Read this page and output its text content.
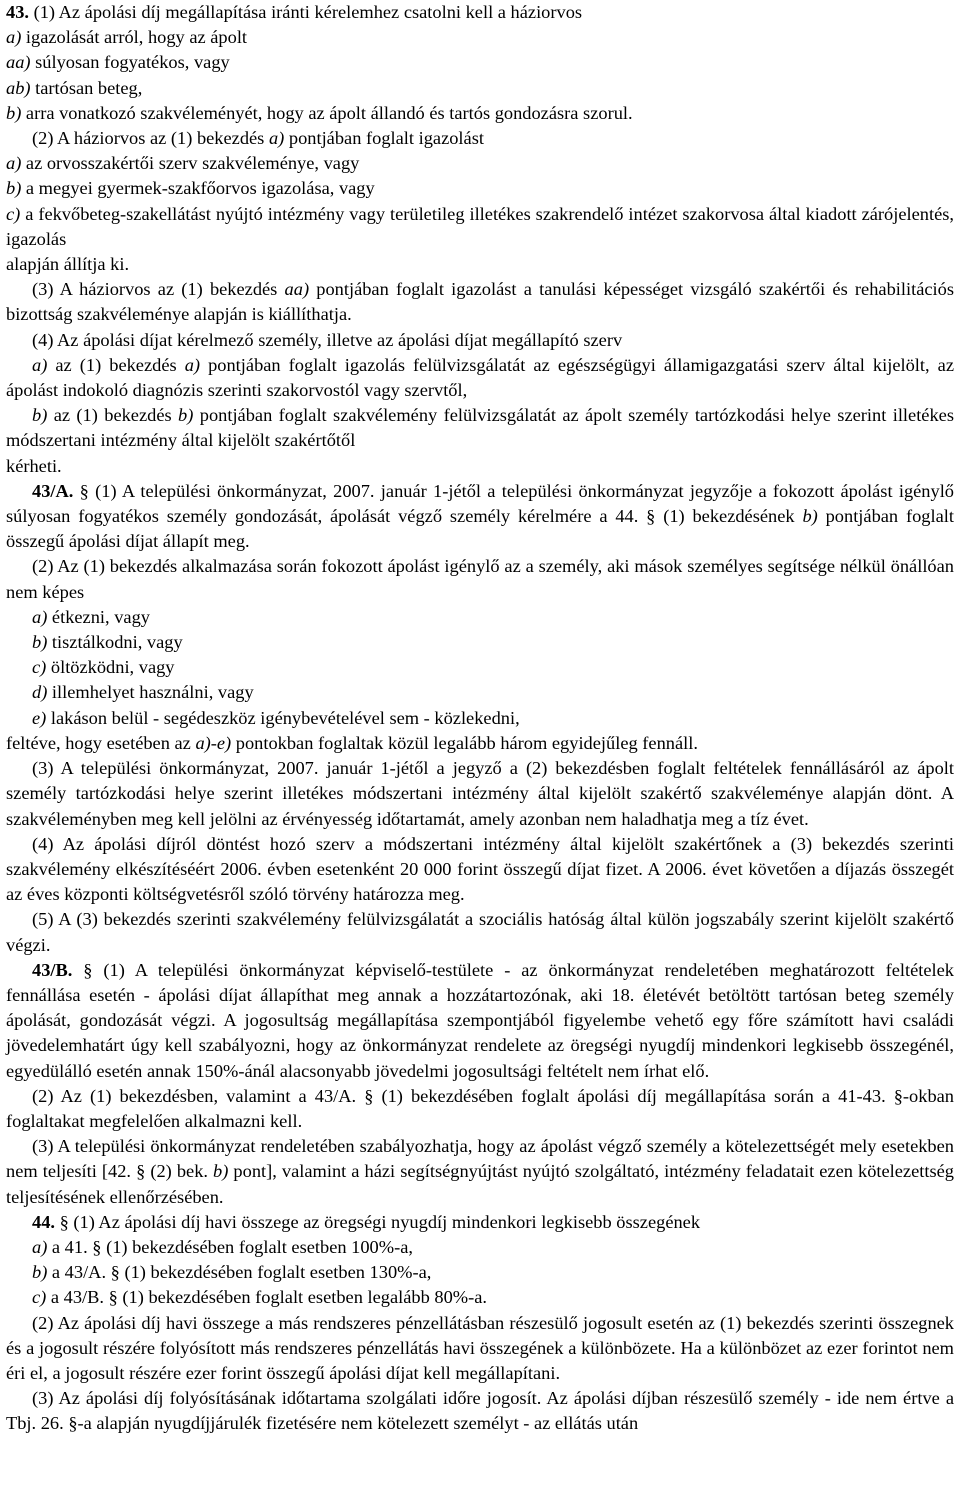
43. (1) Az ápolási díj megállapítása iránti kérelemhez csatolni kell a háziorvos

a) igazolását arról, hogy az ápolt

aa) súlyosan fogyatékos, vagy

ab) tartósan beteg,

b) arra vonatkozó szakvéleményét, hogy az ápolt állandó és tartós gondozásra szorul.

(2) A háziorvos az (1) bekezdés a) pontjában foglalt igazolást

a) az orvosszakértői szerv szakvéleménye, vagy

b) a megyei gyermek-szakfőorvos igazolása, vagy

c) a fekvőbeteg-szakellátást nyújtó intézmény vagy területileg illetékes szakrendelő intézet szakorvosa által kiadott zárójelentés, igazolás

alapján állítja ki.

(3) A háziorvos az (1) bekezdés aa) pontjában foglalt igazolást a tanulási képességet vizsgáló szakértői és rehabilitációs bizottság szakvéleménye alapján is kiállíthatja.

(4) Az ápolási díjat kérelmező személy, illetve az ápolási díjat megállapító szerv

a) az (1) bekezdés a) pontjában foglalt igazolás felülvizsgálatát az egészségügyi államigazgatási szerv által kijelölt, az ápolást indokoló diagnózis szerinti szakorvostól vagy szervtől,

b) az (1) bekezdés b) pontjában foglalt szakvélemény felülvizsgálatát az ápolt személy tartózkodási helye szerint illetékes módszertani intézmény által kijelölt szakértőtől

kérheti.

43/A. § (1) A települési önkormányzat, 2007. január 1-jétől a települési önkormányzat jegyzője a fokozott ápolást igénylő súlyosan fogyatékos személy gondozását, ápolását végző személy kérelmére a 44. § (1) bekezdésének b) pontjában foglalt összegű ápolási díjat állapít meg.

(2) Az (1) bekezdés alkalmazása során fokozott ápolást igénylő az a személy, aki mások személyes segítsége nélkül önállóan nem képes

a) étkezni, vagy

b) tisztálkodni, vagy

c) öltözködni, vagy

d) illemhelyet használni, vagy

e) lakáson belül - segédeszköz igénybevételével sem - közlekedni,

feltéve, hogy esetében az a)-e) pontokban foglaltak közül legalább három egyidejűleg fennáll.

(3) A települési önkormányzat, 2007. január 1-jétől a jegyző a (2) bekezdésben foglalt feltételek fennállásáról az ápolt személy tartózkodási helye szerint illetékes módszertani intézmény által kijelölt szakértő szakvéleménye alapján dönt. A szakvéleményben meg kell jelölni az érvényesség időtartamát, amely azonban nem haladhatja meg a tíz évet.

(4) Az ápolási díjról döntést hozó szerv a módszertani intézmény által kijelölt szakértőnek a (3) bekezdés szerinti szakvélemény elkészítéséért 2006. évben esetenként 20 000 forint összegű díjat fizet. A 2006. évet követően a díjazás összegét az éves központi költségvetésről szóló törvény határozza meg.

(5) A (3) bekezdés szerinti szakvélemény felülvizsgálatát a szociális hatóság által külön jogszabály szerint kijelölt szakértő végzi.

43/B. § (1) A települési önkormányzat képviselő-testülete - az önkormányzat rendeletében meghatározott feltételek fennállása esetén - ápolási díjat állapíthat meg annak a hozzátartozónak, aki 18. életévét betöltött tartósan beteg személy ápolását, gondozását végzi. A jogosultság megállapítása szempontjából figyelembe vehető egy főre számított havi családi jövedelemhatárt úgy kell szabályozni, hogy az önkormányzat rendelete az öregségi nyugdíj mindenkori legkisebb összegénél, egyedülálló esetén annak 150%-ánál alacsonyabb jövedelmi jogosultsági feltételt nem írhat elő.

(2) Az (1) bekezdésben, valamint a 43/A. § (1) bekezdésében foglalt ápolási díj megállapítása során a 41-43. §-okban foglaltakat megfelelően alkalmazni kell.

(3) A települési önkormányzat rendeletében szabályozhatja, hogy az ápolást végző személy a kötelezettségét mely esetekben nem teljesíti [42. § (2) bek. b) pont], valamint a házi segítségnyújtást nyújtó szolgáltató, intézmény feladatait ezen kötelezettség teljesítésének ellenőrzésében.

44. § (1) Az ápolási díj havi összege az öregségi nyugdíj mindenkori legkisebb összegének

a) a 41. § (1) bekezdésében foglalt esetben 100%-a,

b) a 43/A. § (1) bekezdésében foglalt esetben 130%-a,

c) a 43/B. § (1) bekezdésében foglalt esetben legalább 80%-a.

(2) Az ápolási díj havi összege a más rendszeres pénzellátásban részesülő jogosult esetén az (1) bekezdés szerinti összegnek és a jogosult részére folyósított más rendszeres pénzellátás havi összegének a különbözete. Ha a különbözet az ezer forintot nem éri el, a jogosult részére ezer forint összegű ápolási díjat kell megállapítani.

(3) Az ápolási díj folyósításának időtartama szolgálati időre jogosít. Az ápolási díjban részesülő személy - ide nem értve a Tbj. 26. §-a alapján nyugdíjjárulék fizetésére nem kötelezett személyt - az ellátás után
